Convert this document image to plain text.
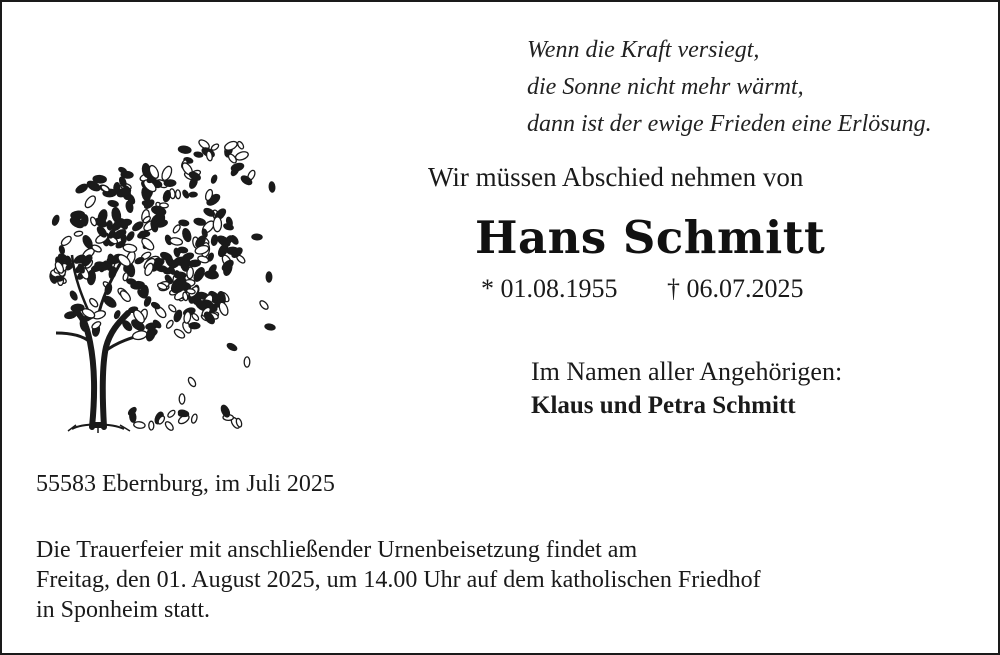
Wenn die Kraft versiegt,
die Sonne nicht mehr wärmt,
dann ist der ewige Frieden eine Erlösung.
Wir müssen Abschied nehmen von
Hans Schmitt
* 01.08.1955 † 06.07.2025
Im Namen aller Angehörigen:
Klaus und Petra Schmitt
55583 Ebernburg, im Juli 2025
Die Trauerfeier mit anschließender Urnenbeisetzung findet am
Freitag, den 01. August 2025, um 14.00 Uhr auf dem katholischen Friedhof
in Sponheim statt.
